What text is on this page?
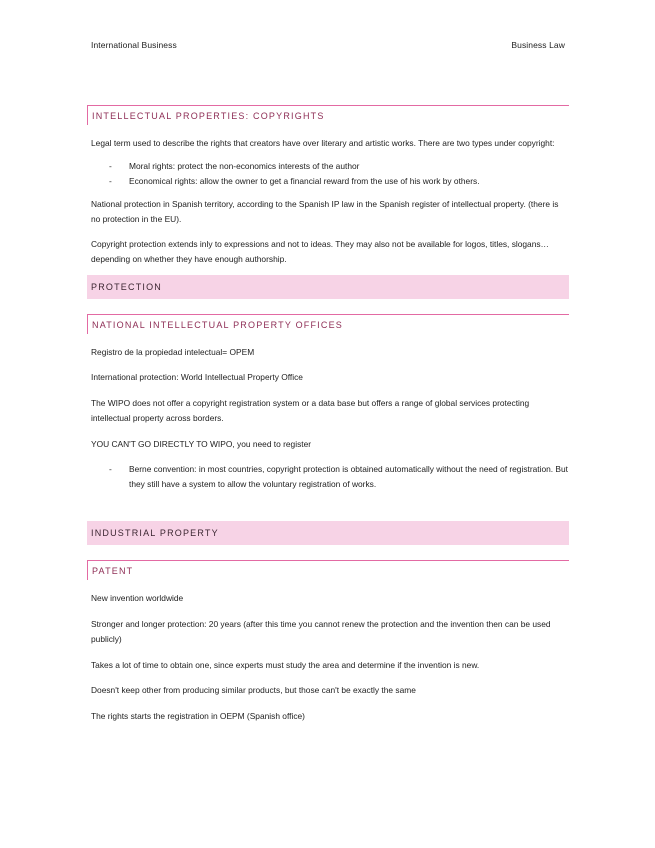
International Business	Business Law
INTELLECTUAL PROPERTIES: COPYRIGHTS

Legal term used to describe the rights that creators have over literary and artistic works. There are two types under copyright:

- Moral rights: protect the non-economics interests of the author
- Economical rights: allow the owner to get a financial reward from the use of his work by others.

National protection in Spanish territory, according to the Spanish IP law in the Spanish register of intellectual property. (there is no protection in the EU).

Copyright protection extends inly to expressions and not to ideas. They may also not be available for logos, titles, slogans… depending on whether they have enough authorship.

PROTECTION
NATIONAL INTELLECTUAL PROPERTY OFFICES

Registro de la propiedad intelectual= OPEM

International protection: World Intellectual Property Office

The WIPO does not offer a copyright registration system or a data base but offers a range of global services protecting intellectual property across borders.

YOU CAN'T GO DIRECTLY TO WIPO, you need to register

- Berne convention: in most countries, copyright protection is obtained automatically without the need of registration. But they still have a system to allow the voluntary registration of works.
INDUSTRIAL PROPERTY
PATENT

New invention worldwide

Stronger and longer protection: 20 years (after this time you cannot renew the protection and the invention then can be used publicly)

Takes a lot of time to obtain one, since experts must study the area and determine if the invention is new.

Doesn't keep other from producing similar products, but those can't be exactly the same

The rights starts the registration in OEPM (Spanish office)
